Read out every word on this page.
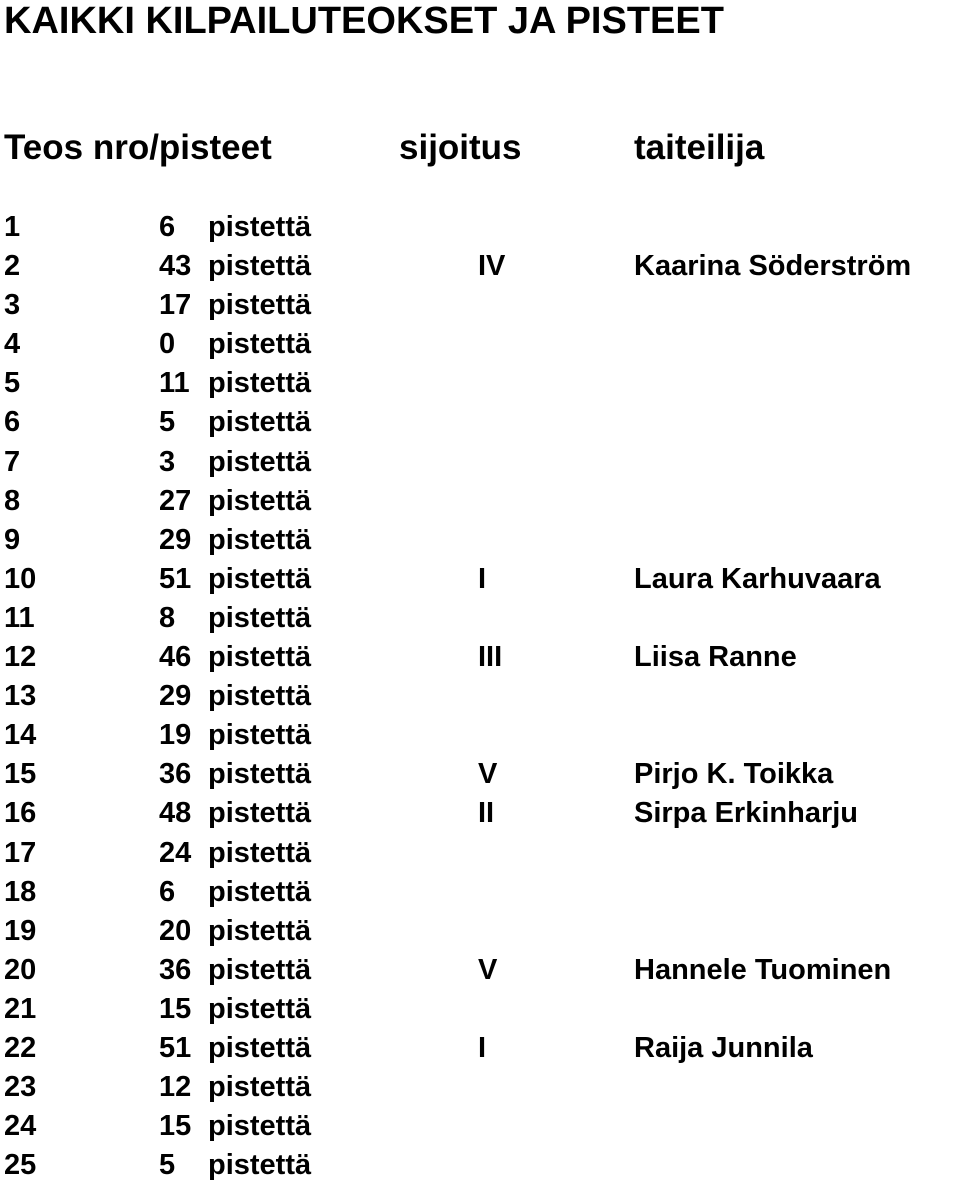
KAIKKI KILPAILUTEOKSET JA PISTEET
Teos nro/pisteet	sijoitus	taiteilija
1	6 pistettä
2	43 pistettä	IV	Kaarina Söderström
3	17 pistettä
4	0 pistettä
5	11 pistettä
6	5 pistettä
7	3 pistettä
8	27 pistettä
9	29 pistettä
10	51 pistettä	I	Laura Karhuvaara
11	8 pistettä
12	46 pistettä	III	Liisa Ranne
13	29 pistettä
14	19 pistettä
15	36 pistettä	V	Pirjo K. Toikka
16	48 pistettä	II	Sirpa Erkinharju
17	24 pistettä
18	6 pistettä
19	20 pistettä
20	36 pistettä	V	Hannele Tuominen
21	15 pistettä
22	51 pistettä	I	Raija Junnila
23	12 pistettä
24	15 pistettä
25	5 pistettä
